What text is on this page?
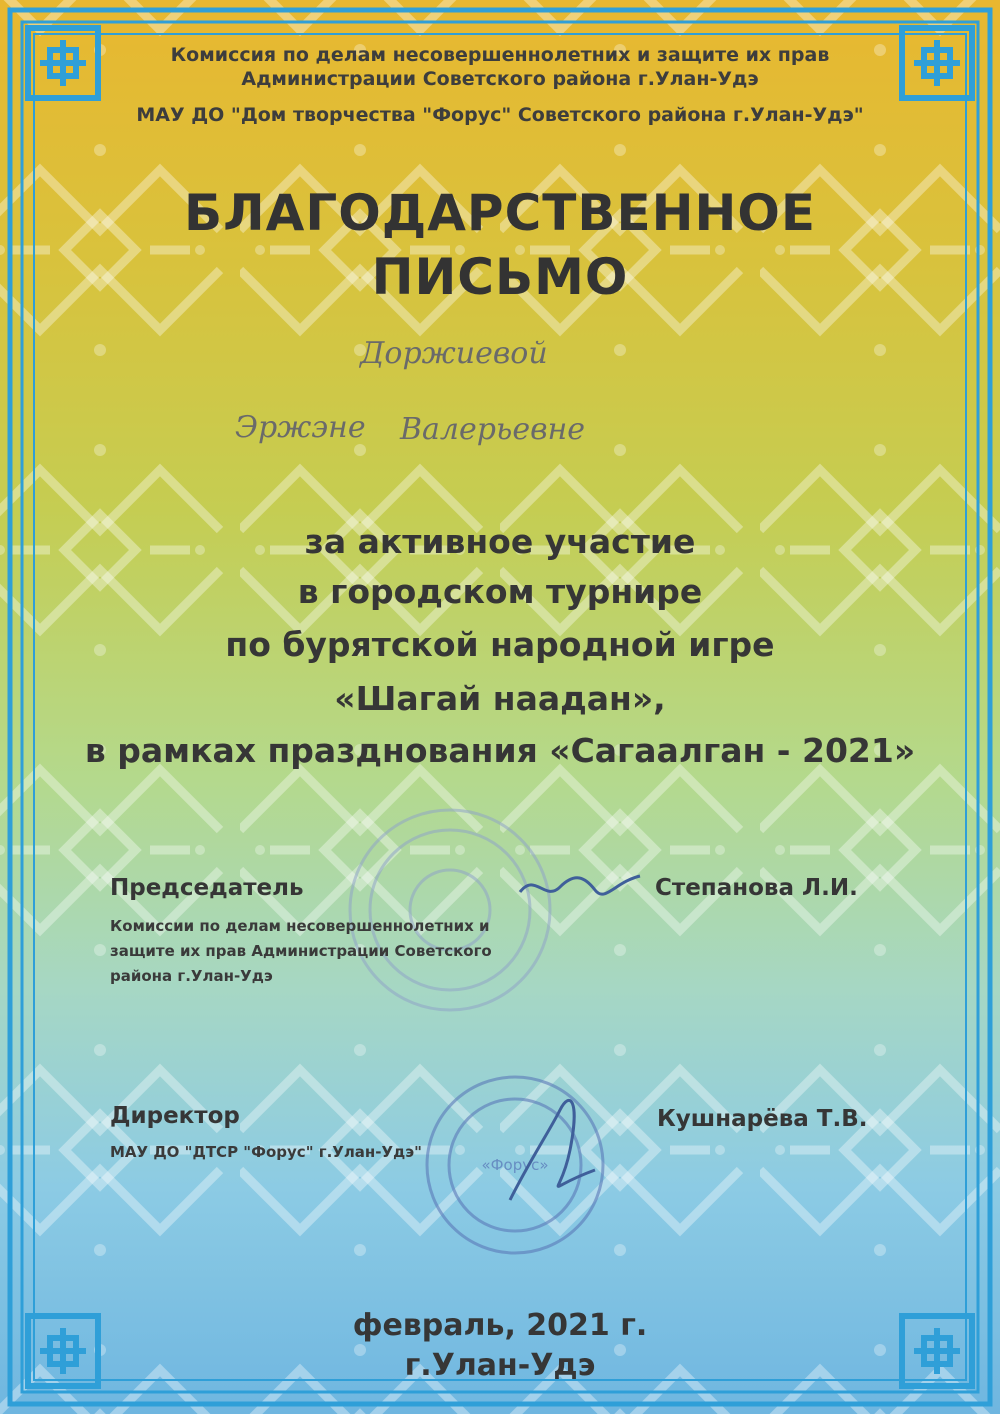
Комиссия по делам несовершеннолетних и защите их прав

Администрации Советского района г.Улан-Удэ

МАУ ДО "Дом творчества "Форус" Советского района г.Улан-Удэ"

БЛАГОДАРСТВЕННОЕ

ПИСЬМО

Доржиевой
Эржэне Валерьевне

за активное участие

в городском турнире

по бурятской народной игре

«Шагай наадан»,

в рамках празднования «Сагаалган - 2021»

«Форус»
Председатель
Комиссии по делам несовершеннолетних и
защите их прав Администрации Советского
района г.Улан-Удэ
Степанова Л.И.
Директор
МАУ ДО "ДТСР "Форус" г.Улан-Удэ"
Кушнарёва Т.В.

февраль, 2021 г.

г.Улан-Удэ
